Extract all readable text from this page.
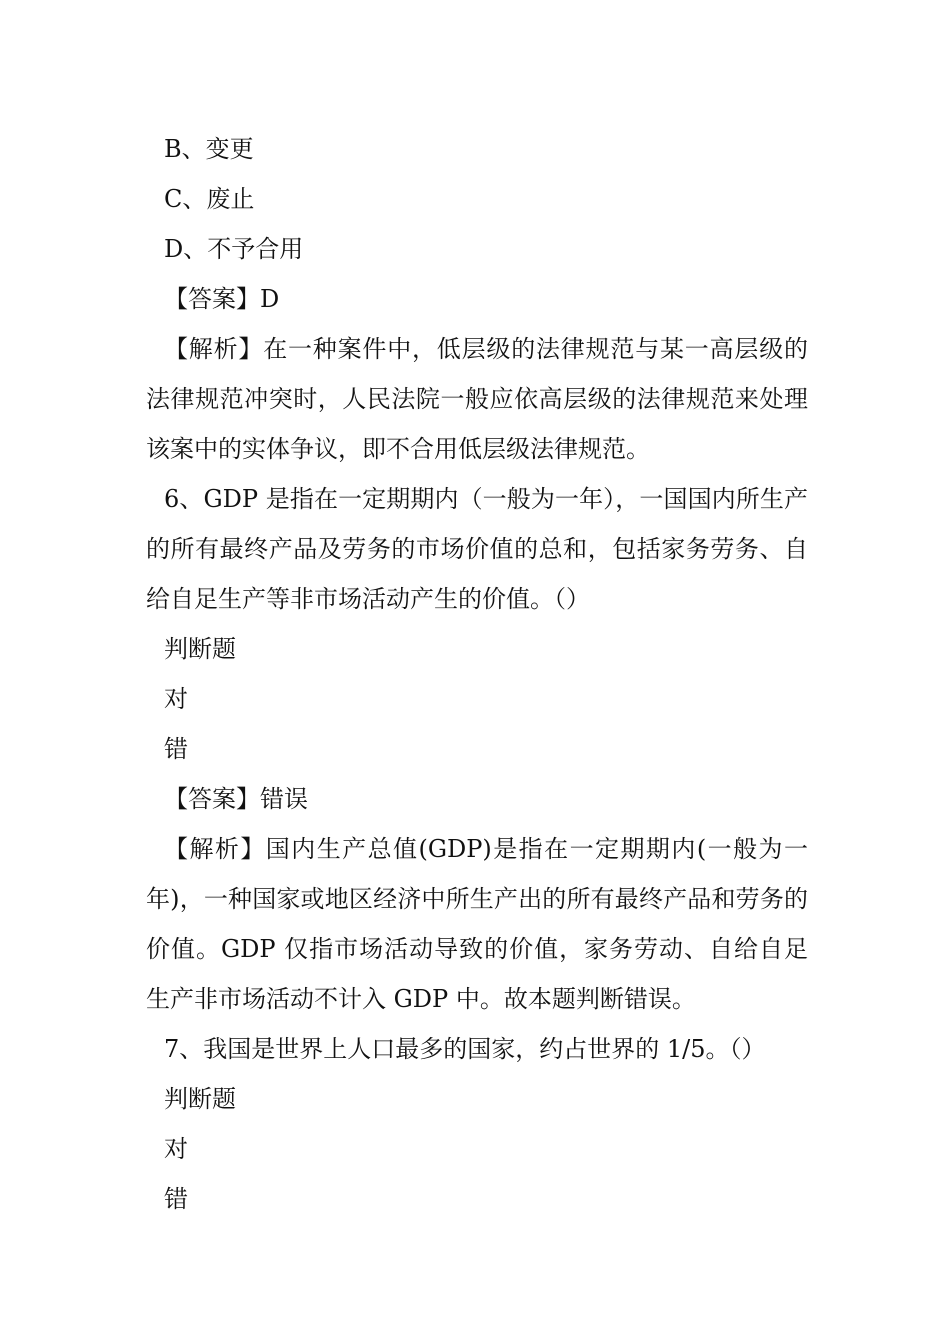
B、变更
C、废止
D、不予合用
【答案】D
【解析】在一种案件中，低层级的法律规范与某一高层级的法律规范冲突时，人民法院一般应依高层级的法律规范来处理该案中的实体争议，即不合用低层级法律规范。
6、GDP 是指在一定期期内（一般为一年），一国国内所生产的所有最终产品及劳务的市场价值的总和，包括家务劳务、自给自足生产等非市场活动产生的价值。（）
判断题
对
错
【答案】错误
【解析】国内生产总值(GDP)是指在一定期期内(一般为一年)，一种国家或地区经济中所生产出的所有最终产品和劳务的价值。GDP 仅指市场活动导致的价值，家务劳动、自给自足生产非市场活动不计入 GDP 中。故本题判断错误。
7、我国是世界上人口最多的国家，约占世界的 1/5。（）
判断题
对
错
